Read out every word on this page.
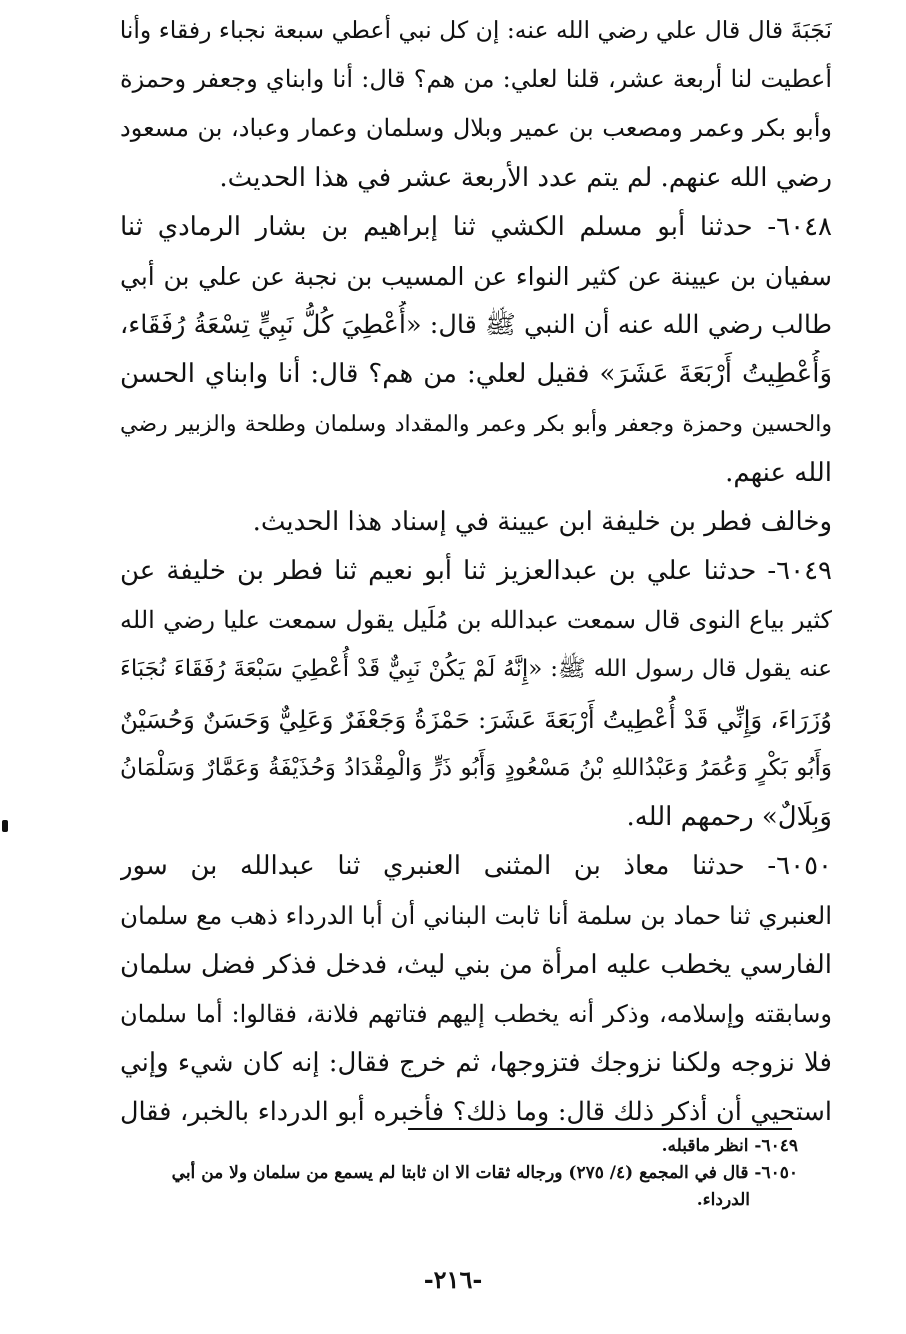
نَجَبَةَ قال قال علي رضي الله عنه: إن كل نبي أعطي سبعة نجباء رفقاء وأنا
أعطيت لنا أربعة عشر، قلنا لعلي: من هم؟ قال: أنا وابناي وجعفر وحمزة
وأبو بكر وعمر ومصعب بن عمير وبلال وسلمان وعمار وعباد، بن مسعود
رضي الله عنهم. لم يتم عدد الأربعة عشر في هذا الحديث.
٦٠٤٨- حدثنا أبو مسلم الكشي ثنا إبراهيم بن بشار الرمادي ثنا
سفيان بن عيينة عن كثير النواء عن المسيب بن نجبة عن علي بن أبي
طالب رضي الله عنه أن النبي ﷺ قال: «أُعْطِيَ كُلُّ نَبِيٍّ تِسْعَةُ رُفَقَاء،
وَأُعْطِيتُ أَرْبَعَةَ عَشَرَ» فقيل لعلي: من هم؟ قال: أنا وابناي الحسن
والحسين وحمزة وجعفر وأبو بكر وعمر والمقداد وسلمان وطلحة والزبير رضي
الله عنهم.
وخالف فطر بن خليفة ابن عيينة في إسناد هذا الحديث.
٦٠٤٩- حدثنا علي بن عبدالعزيز ثنا أبو نعيم ثنا فطر بن خليفة عن
كثير بياع النوى قال سمعت عبدالله بن مُلَيل يقول سمعت عليا رضي الله
عنه يقول قال رسول الله ﷺ: «إِنَّهُ لَمْ يَكُنْ نَبِيٌّ قَدْ أُعْطِيَ سَبْعَةَ رُفَقَاءَ نُجَبَاءَ
وُزَرَاءَ، وَإِنِّي قَدْ أُعْطِيتُ أَرْبَعَةَ عَشَرَ: حَمْزَةُ وَجَعْفَرٌ وَعَلِيٌّ وَحَسَنٌ وَحُسَيْنٌ
وَأَبُو بَكْرٍ وَعُمَرُ وَعَبْدُاللهِ بْنُ مَسْعُودٍ وَأَبُو ذَرٍّ وَالْمِقْدَادُ وَحُذَيْفَةُ وَعَمَّارٌ وَسَلْمَانُ
وَبِلَالٌ» رحمهم الله.
٦٠٥٠- حدثنا معاذ بن المثنى العنبري ثنا عبدالله بن سور
العنبري ثنا حماد بن سلمة أنا ثابت البناني أن أبا الدرداء ذهب مع سلمان
الفارسي يخطب عليه امرأة من بني ليث، فدخل فذكر فضل سلمان
وسابقته وإسلامه، وذكر أنه يخطب إليهم فتاتهم فلانة، فقالوا: أما سلمان
فلا نزوجه ولكنا نزوجك فتزوجها، ثم خرج فقال: إنه كان شيء وإني
استحيي أن أذكر ذلك قال: وما ذلك؟ فأخبره أبو الدرداء بالخبر، فقال
٦٠٤٩- انظر ماقبله.
٦٠٥٠- قال في المجمع (٤/ ٢٧٥) ورجاله ثقات الا ان ثابتا لم يسمع من سلمان ولا من أبي
الدرداء.
-٢١٦-
